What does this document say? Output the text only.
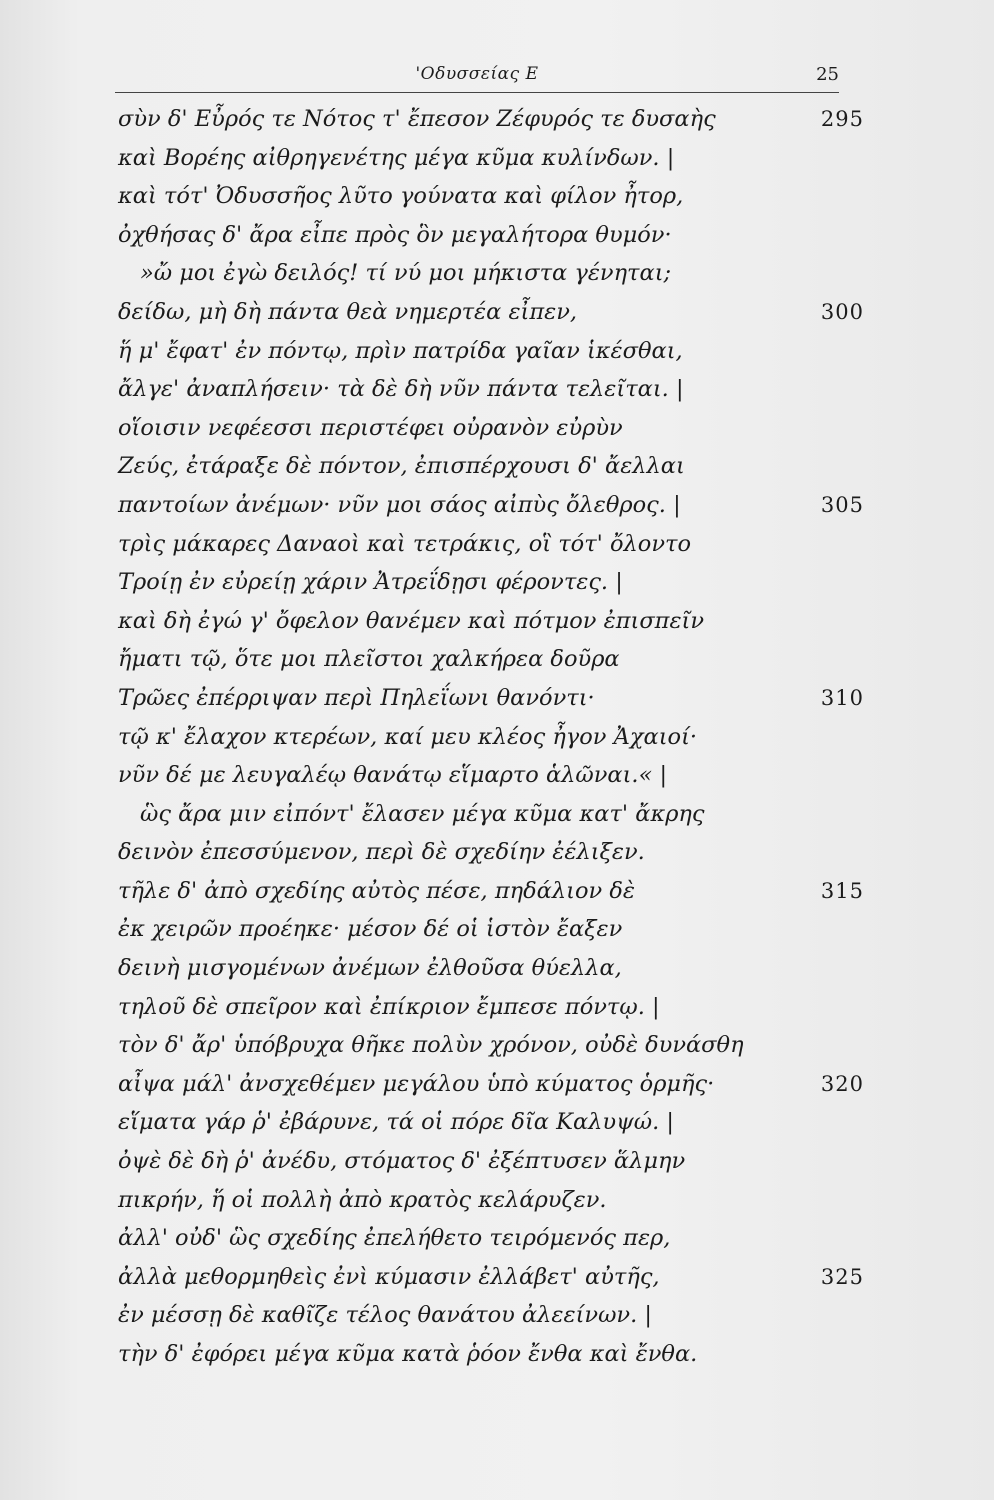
'Οδυσσείας Ε	25
σὺν δ' Εὖρός τε Νότος τ' ἔπεσον Ζέφυρός τε δυσαὴς	295
καὶ Βορέης αἰθρηγενέτης μέγα κῦμα κυλίνδων. |
καὶ τότ' Ὀδυσσῆος λῦτο γούνατα καὶ φίλον ἦτορ,
ὀχθήσας δ' ἄρα εἶπε πρὸς ὃν μεγαλήτορα θυμόν·
»ὤ μοι ἐγὼ δειλός! τί νύ μοι μήκιστα γένηται;
δείδω, μὴ δὴ πάντα θεὰ νημερτέα εἶπεν,	300
ἥ μ' ἔφατ' ἐν πόντῳ, πρὶν πατρίδα γαῖαν ἱκέσθαι,
ἄλγε' ἀναπλήσειν· τὰ δὲ δὴ νῦν πάντα τελεῖται. |
οἵοισιν νεφέεσσι περιστέφει οὐρανὸν εὐρὺν
Ζεύς, ἐτάραξε δὲ πόντον, ἐπισπέρχουσι δ' ἄελλαι
παντοίων ἀνέμων· νῦν μοι σάος αἰπὺς ὄλεθρος. |	305
τρὶς μάκαρες Δαναοὶ καὶ τετράκις, οἳ τότ' ὄλοντο
Τροίῃ ἐν εὐρείῃ χάριν Ἀτρεΐδῃσι φέροντες. |
καὶ δὴ ἐγώ γ' ὄφελον θανέμεν καὶ πότμον ἐπισπεῖν
ἤματι τῷ, ὅτε μοι πλεῖστοι χαλκήρεα δοῦρα
Τρῶες ἐπέρριψαν περὶ Πηλεΐωνι θανόντι·	310
τῷ κ' ἔλαχον κτερέων, καί μευ κλέος ἦγον Ἀχαιοί·
νῦν δέ με λευγαλέῳ θανάτῳ εἵμαρτο ἁλῶναι.« |
ὣς ἄρα μιν εἰπόντ' ἔλασεν μέγα κῦμα κατ' ἄκρης
δεινὸν ἐπεσσύμενον, περὶ δὲ σχεδίην ἐέλιξεν.
τῆλε δ' ἀπὸ σχεδίης αὐτὸς πέσε, πηδάλιον δὲ	315
ἐκ χειρῶν προέηκε· μέσον δέ οἱ ἱστὸν ἔαξεν
δεινὴ μισγομένων ἀνέμων ἐλθοῦσα θύελλα,
τηλοῦ δὲ σπεῖρον καὶ ἐπίκριον ἔμπεσε πόντῳ. |
τὸν δ' ἄρ' ὑπόβρυχα θῆκε πολὺν χρόνον, οὐδὲ δυνάσθη
αἶψα μάλ' ἀνσχεθέμεν μεγάλου ὑπὸ κύματος ὁρμῆς·	320
εἵματα γάρ ῥ' ἐβάρυνε, τά οἱ πόρε δῖα Καλυψώ. |
ὀψὲ δὲ δὴ ῥ' ἀνέδυ, στόματος δ' ἐξέπτυσεν ἅλμην
πικρήν, ἥ οἱ πολλὴ ἀπὸ κρατὸς κελάρυζεν.
ἀλλ' οὐδ' ὣς σχεδίης ἐπελήθετο τειρόμενός περ,
ἀλλὰ μεθορμηθεὶς ἐνὶ κύμασιν ἐλλάβετ' αὐτῆς,	325
ἐν μέσσῃ δὲ καθῖζε τέλος θανάτου ἀλεείνων. |
τὴν δ' ἐφόρει μέγα κῦμα κατὰ ῥόον ἔνθα καὶ ἔνθα.
